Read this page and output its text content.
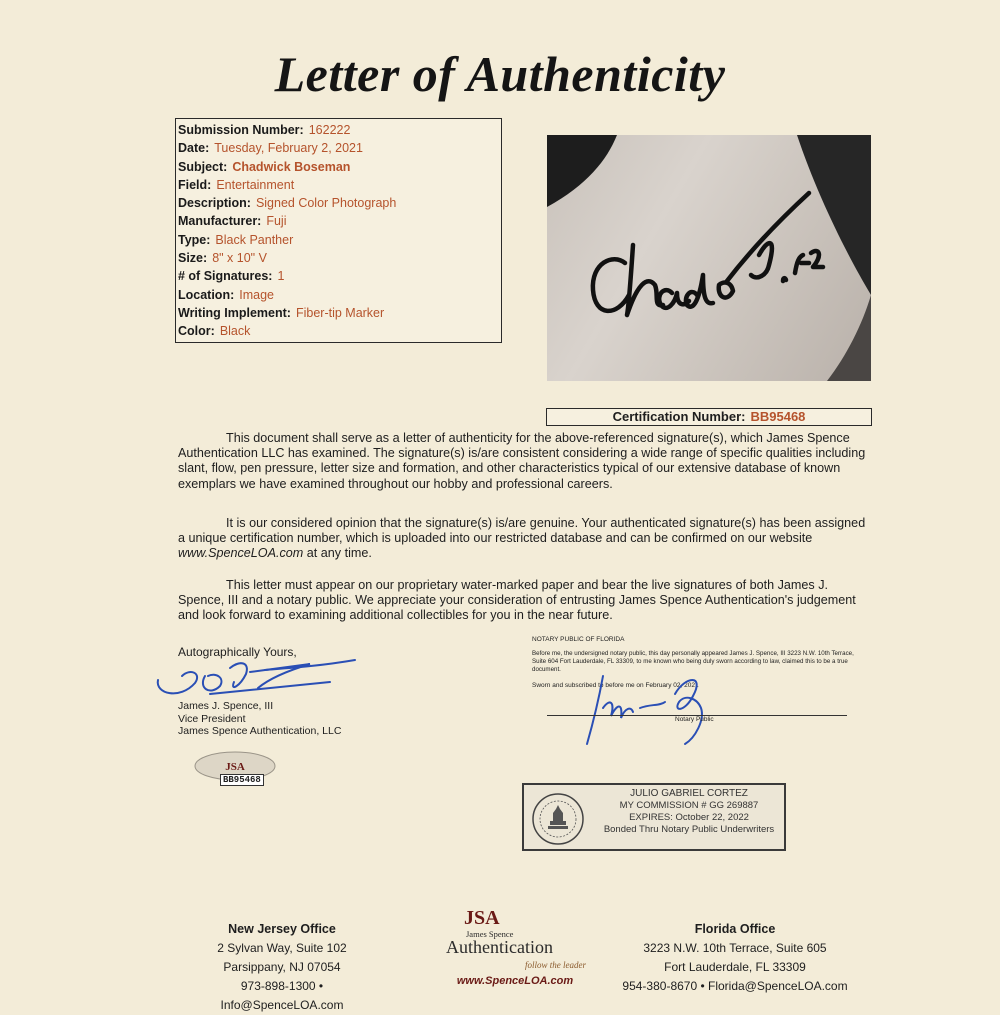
Letter of Authenticity
Submission Number: 162222
Date: Tuesday, February 2, 2021
Subject: Chadwick Boseman
Field: Entertainment
Description: Signed Color Photograph
Manufacturer: Fuji
Type: Black Panther
Size: 8" x 10" V
# of Signatures: 1
Location: Image
Writing Implement: Fiber-tip Marker
Color: Black
Certification Number: BB95468

This document shall serve as a letter of authenticity for the above-referenced signature(s), which James Spence Authentication LLC has examined. The signature(s) is/are consistent considering a wide range of specific qualities including slant, flow, pen pressure, letter size and formation, and other characteristics typical of our extensive database of known exemplars we have examined throughout our hobby and professional careers.

It is our considered opinion that the signature(s) is/are genuine. Your authenticated signature(s) has been assigned a unique certification number, which is uploaded into our restricted database and can be confirmed on our website www.SpenceLOA.com at any time.

This letter must appear on our proprietary water-marked paper and bear the live signatures of both James J. Spence, III and a notary public. We appreciate your consideration of entrusting James Spence Authentication's judgement and look forward to examining additional collectibles for you in the near future.

Autographically Yours,
James J. Spence, III
Vice President
James Spence Authentication, LLC
JSA
BB95468
NOTARY PUBLIC OF FLORIDA

Before me, the undersigned notary public, this day personally appeared James J. Spence, III 3223 N.W. 10th Terrace, Suite 604 Fort Lauderdale, FL 33309, to me known who being duly sworn according to law, claimed this to be a true document.

Sworn and subscribed to before me on February 02, 2021
Notary Public
JULIO GABRIEL CORTEZ
MY COMMISSION # GG 269887
EXPIRES: October 22, 2022
Bonded Thru Notary Public Underwriters
New Jersey Office
2 Sylvan Way, Suite 102
Parsippany, NJ 07054
973-898-1300 • Info@SpenceLOA.com
JSA
James Spence
Authentication
follow the leader
www.SpenceLOA.com
Florida Office
3223 N.W. 10th Terrace, Suite 605
Fort Lauderdale, FL 33309
954-380-8670 • Florida@SpenceLOA.com
